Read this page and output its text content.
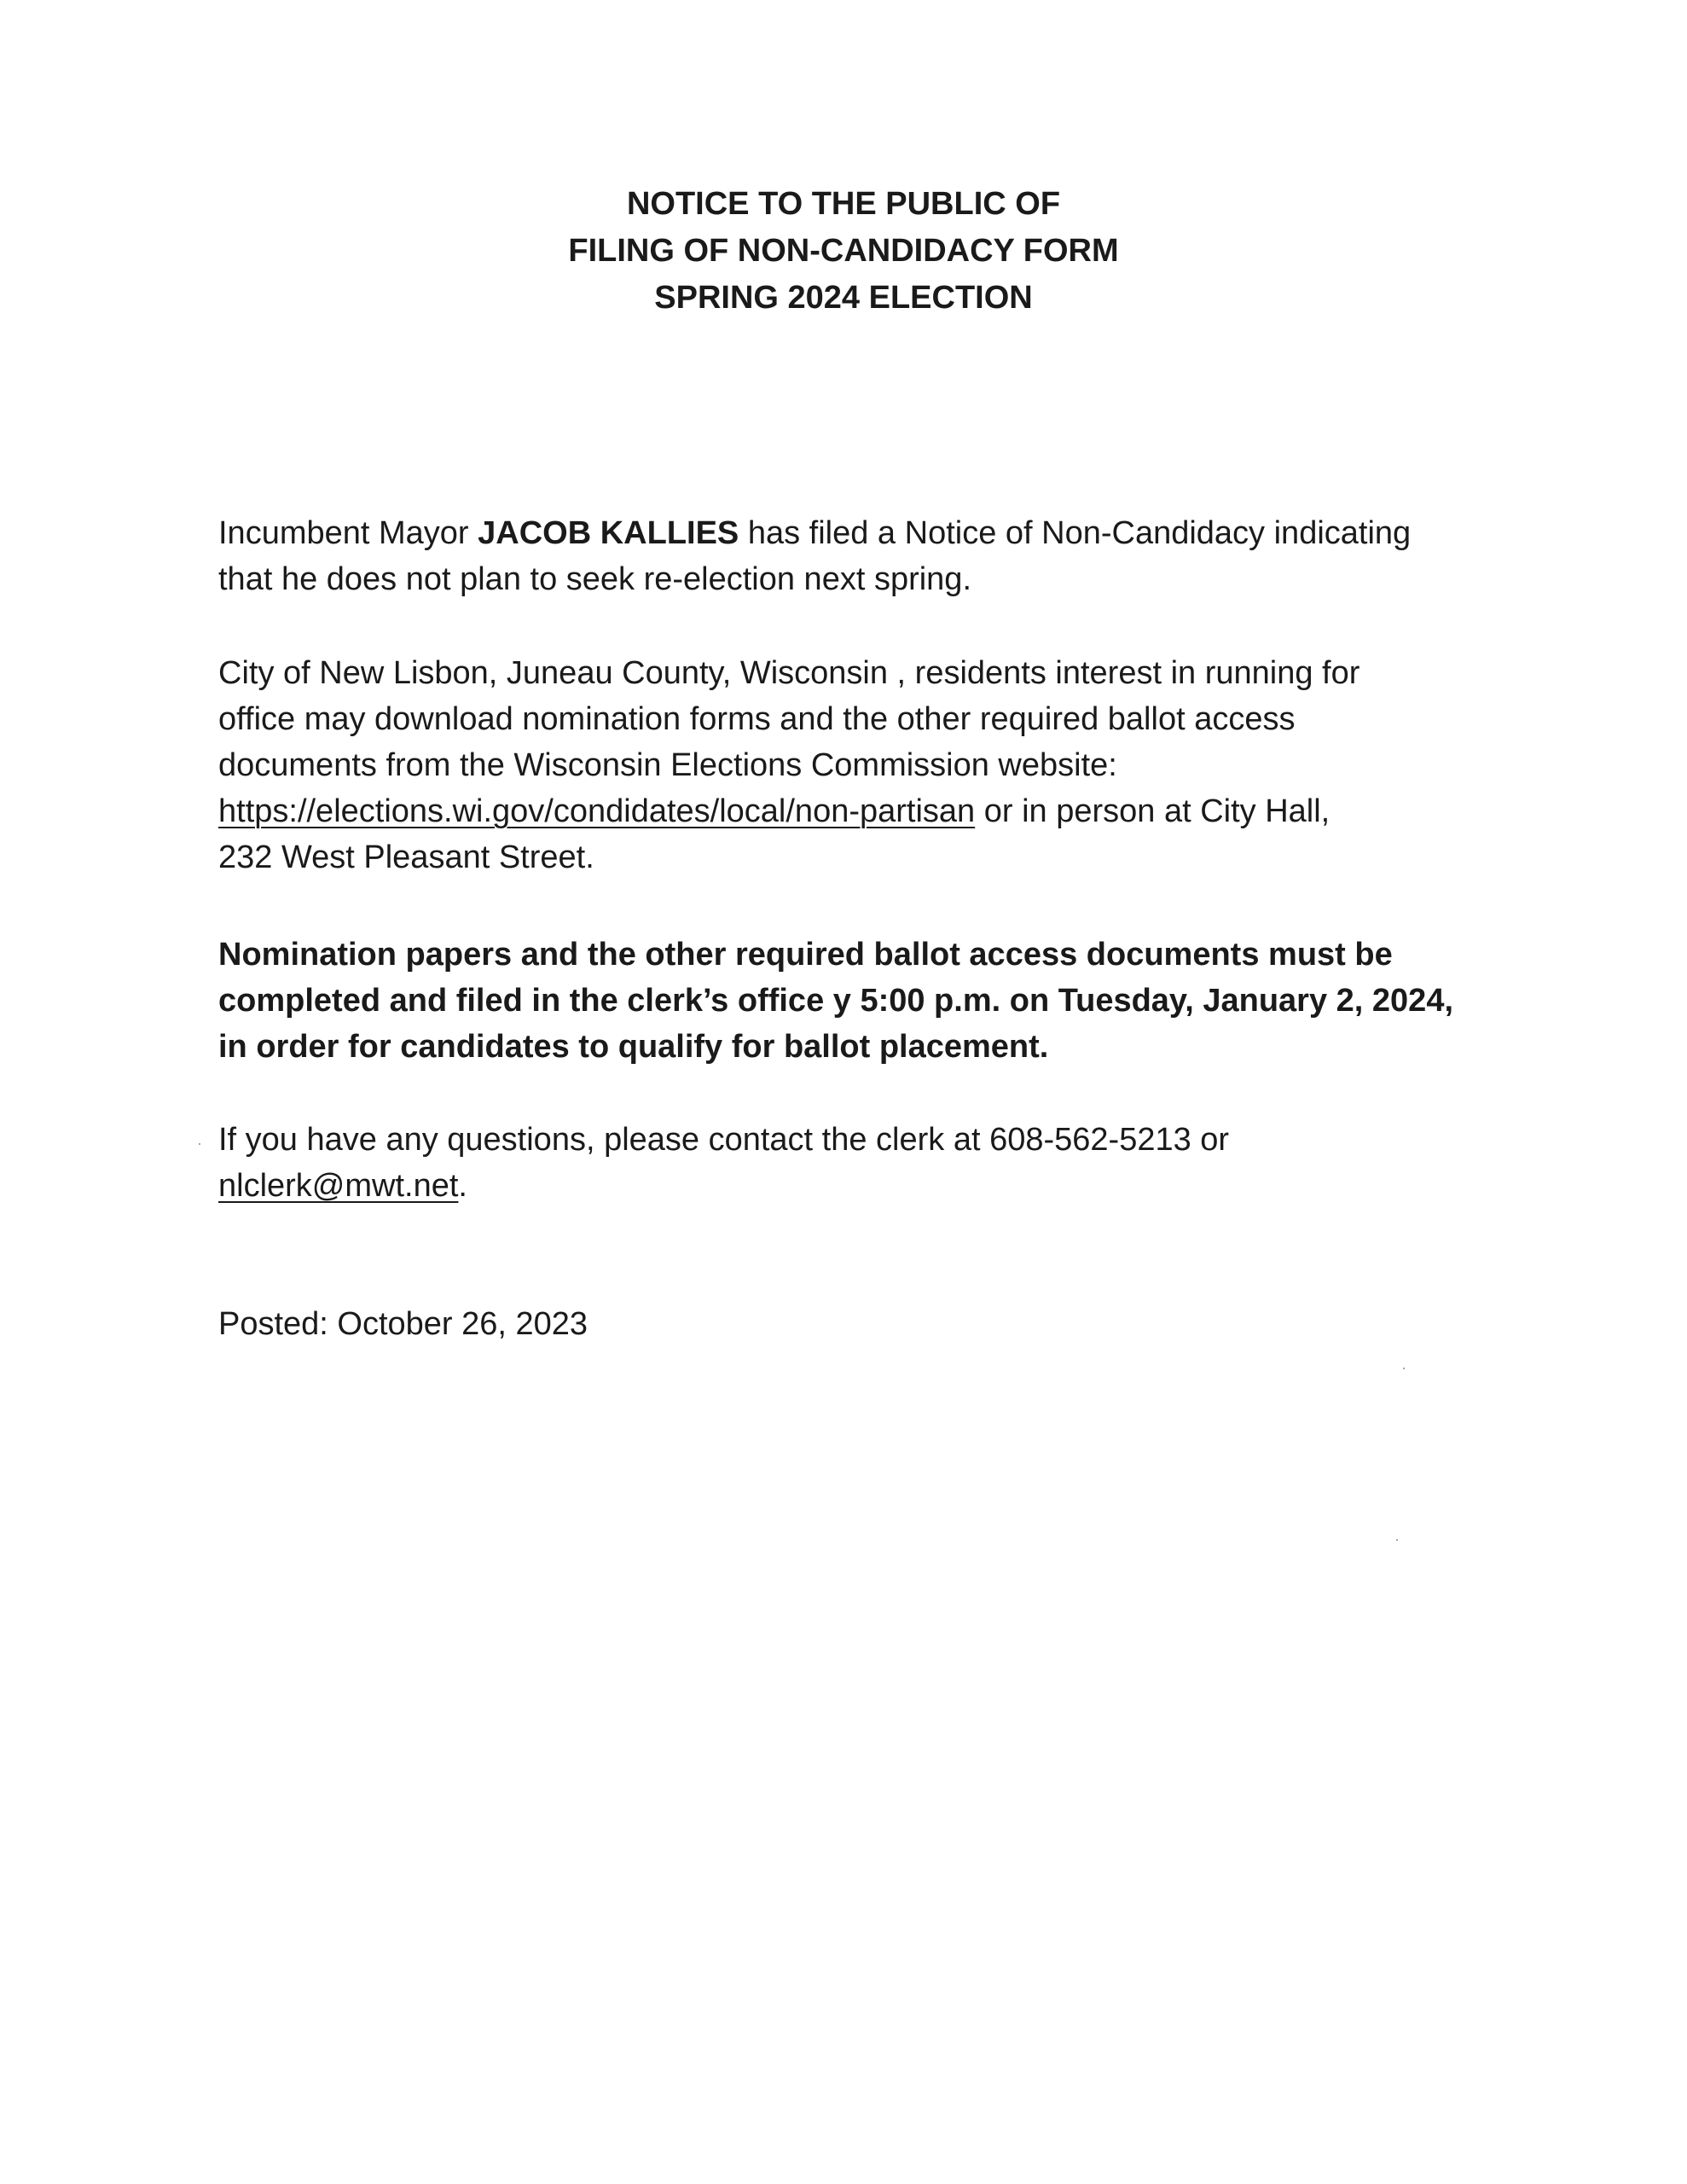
NOTICE TO THE PUBLIC OF
FILING OF NON-CANDIDACY FORM
SPRING 2024 ELECTION
Incumbent Mayor JACOB KALLIES has filed a Notice of Non-Candidacy indicating
that he does not plan to seek re-election next spring.
City of New Lisbon, Juneau County, Wisconsin , residents interest in running for
office may download nomination forms and the other required ballot access
documents from the Wisconsin Elections Commission website:
https://elections.wi.gov/condidates/local/non-partisan or in person at City Hall,
232 West Pleasant Street.
Nomination papers and the other required ballot access documents must be
completed and filed in the clerk’s office y 5:00 p.m. on Tuesday, January 2, 2024,
in order for candidates to qualify for ballot placement.
If you have any questions, please contact the clerk at 608-562-5213 or
nlclerk@mwt.net.
Posted: October 26, 2023
